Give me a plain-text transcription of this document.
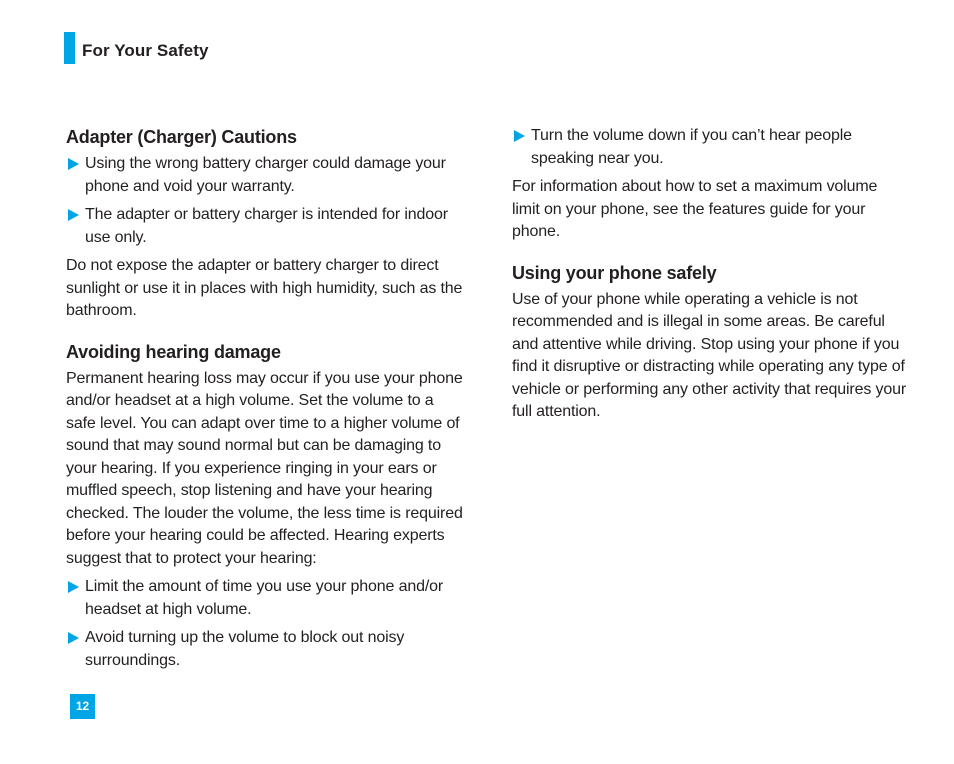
For Your Safety
Adapter (Charger) Cautions
Using the wrong battery charger could damage your phone and void your warranty.
The adapter or battery charger is intended for indoor use only.
Do not expose the adapter or battery charger to direct sunlight or use it in places with high humidity, such as the bathroom.
Avoiding hearing damage
Permanent hearing loss may occur if you use your phone and/or headset at a high volume. Set the volume to a safe level. You can adapt over time to a higher volume of sound that may sound normal but can be damaging to your hearing. If you experience ringing in your ears or muffled speech, stop listening and have your hearing checked. The louder the volume, the less time is required before your hearing could be affected. Hearing experts suggest that to protect your hearing:
Limit the amount of time you use your phone and/or headset at high volume.
Avoid turning up the volume to block out noisy surroundings.
Turn the volume down if you can’t hear people speaking near you.
For information about how to set a maximum volume limit on your phone, see the features guide for your phone.
Using your phone safely
Use of your phone while operating a vehicle is not recommended and is illegal in some areas. Be careful and attentive while driving. Stop using your phone if you find it disruptive or distracting while operating any type of vehicle or performing any other activity that requires your full attention.
12
